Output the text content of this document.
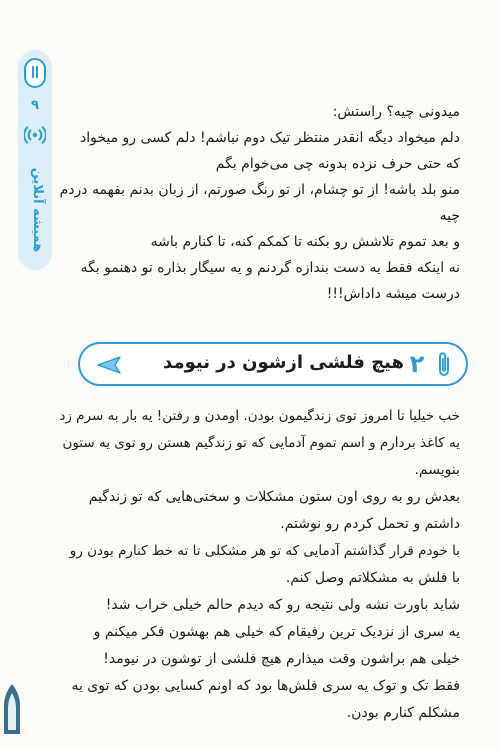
۹
همیشه آنلاین

میدونی چیه؟ راستش:

دلم میخواد دیگه انقدر منتظر تیک دوم نباشم! دلم کسی رو میخواد

که حتی حرف نزده بدونه چی می‌خوام بگم

منو بلد باشه! از تو چشام، از تو رنگ صورتم، از زبان بدنم بفهمه دردم

چیه

و بعد تموم تلاشش رو بکنه تا کمکم کنه، تا کنارم باشه

نه اینکه فقط یه دست بندازه گردنم و یه سیگار بذاره تو دهنمو بگه

درست میشه داداش!!!

۲
هیچ فلشی ازشون در نیومد

خب خیلیا تا امروز توی زندگیمون بودن. اومدن و رفتن! یه بار به سرم زد

یه کاغذ بردارم و اسم تموم آدمایی که تو زندگیم هستن رو توی یه ستون

بنویسم.

بعدش رو به روی اون ستون مشکلات و سختی‌هایی که تو زندگیم

داشتم و تحمل کردم رو نوشتم.

با خودم قرار گذاشتم آدمایی که تو هر مشکلی تا ته خط کنارم بودن رو

با فلش به مشکلاتم وصل کنم.

شاید باورت نشه ولی نتیجه رو که دیدم حالم خیلی خراب شد!

یه سری از نزدیک ترین رفیقام که خیلی هم بهشون فکر میکنم و

خیلی هم براشون وقت میذارم هیچ فلشی از توشون در نیومد!

فقط تک و توک یه سری فلش‌ها بود که اونم کسایی بودن که توی یه

مشکلم کنارم بودن.
